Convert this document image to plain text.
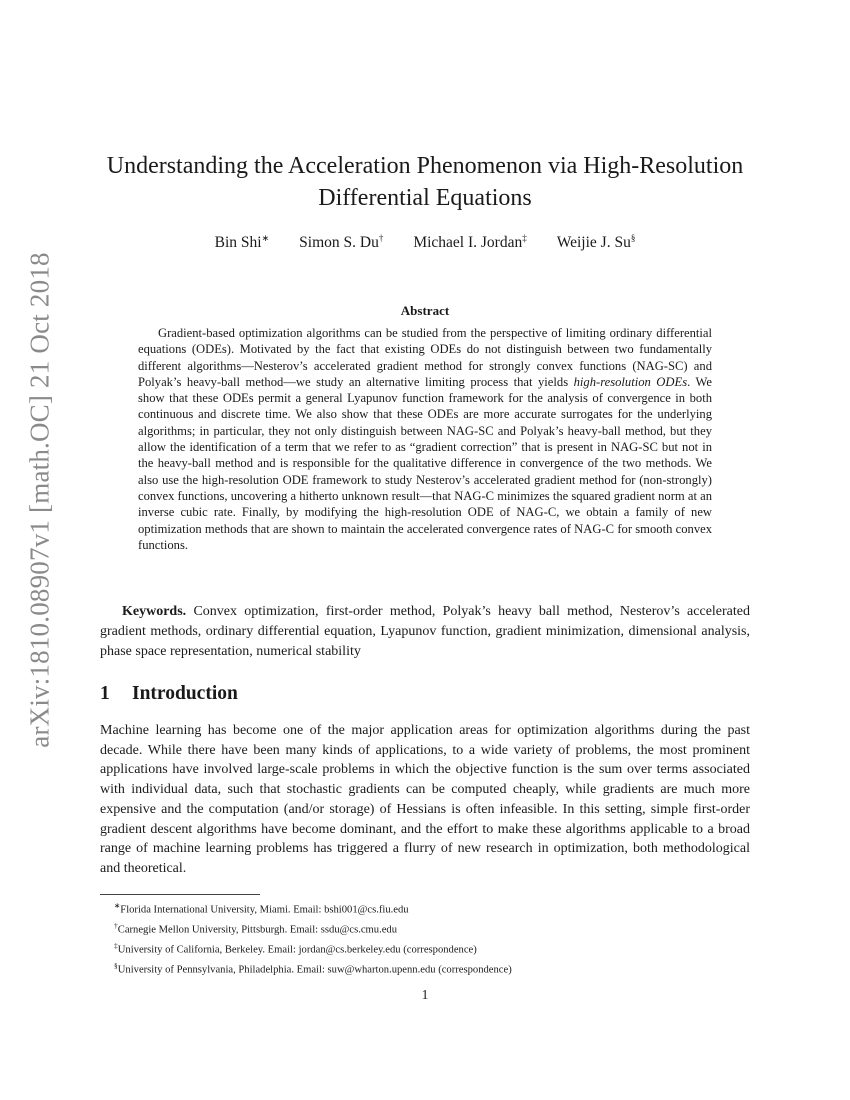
arXiv:1810.08907v1 [math.OC] 21 Oct 2018
Understanding the Acceleration Phenomenon via High-Resolution
Differential Equations
Bin Shi∗ Simon S. Du† Michael I. Jordan‡ Weijie J. Su§
Abstract

Gradient-based optimization algorithms can be studied from the perspective of limiting ordinary differential equations (ODEs). Motivated by the fact that existing ODEs do not distinguish between two fundamentally different algorithms—Nesterov’s accelerated gradient method for strongly convex functions (NAG-SC) and Polyak’s heavy-ball method—we study an alternative limiting process that yields high-resolution ODEs. We show that these ODEs permit a general Lyapunov function framework for the analysis of convergence in both continuous and discrete time. We also show that these ODEs are more accurate surrogates for the underlying algorithms; in particular, they not only distinguish between NAG-SC and Polyak’s heavy-ball method, but they allow the identification of a term that we refer to as “gradient correction” that is present in NAG-SC but not in the heavy-ball method and is responsible for the qualitative difference in convergence of the two methods. We also use the high-resolution ODE framework to study Nesterov’s accelerated gradient method for (non-strongly) convex functions, uncovering a hitherto unknown result—that NAG-C minimizes the squared gradient norm at an inverse cubic rate. Finally, by modifying the high-resolution ODE of NAG-C, we obtain a family of new optimization methods that are shown to maintain the accelerated convergence rates of NAG-C for smooth convex functions.

Keywords. Convex optimization, first-order method, Polyak’s heavy ball method, Nesterov’s accelerated gradient methods, ordinary differential equation, Lyapunov function, gradient minimization, dimensional analysis, phase space representation, numerical stability

1 Introduction

Machine learning has become one of the major application areas for optimization algorithms during the past decade. While there have been many kinds of applications, to a wide variety of problems, the most prominent applications have involved large-scale problems in which the objective function is the sum over terms associated with individual data, such that stochastic gradients can be computed cheaply, while gradients are much more expensive and the computation (and/or storage) of Hessians is often infeasible. In this setting, simple first-order gradient descent algorithms have become dominant, and the effort to make these algorithms applicable to a broad range of machine learning problems has triggered a flurry of new research in optimization, both methodological and theoretical.

∗Florida International University, Miami. Email: bshi001@cs.fiu.edu
†Carnegie Mellon University, Pittsburgh. Email: ssdu@cs.cmu.edu
‡University of California, Berkeley. Email: jordan@cs.berkeley.edu (correspondence)
§University of Pennsylvania, Philadelphia. Email: suw@wharton.upenn.edu (correspondence)
1
